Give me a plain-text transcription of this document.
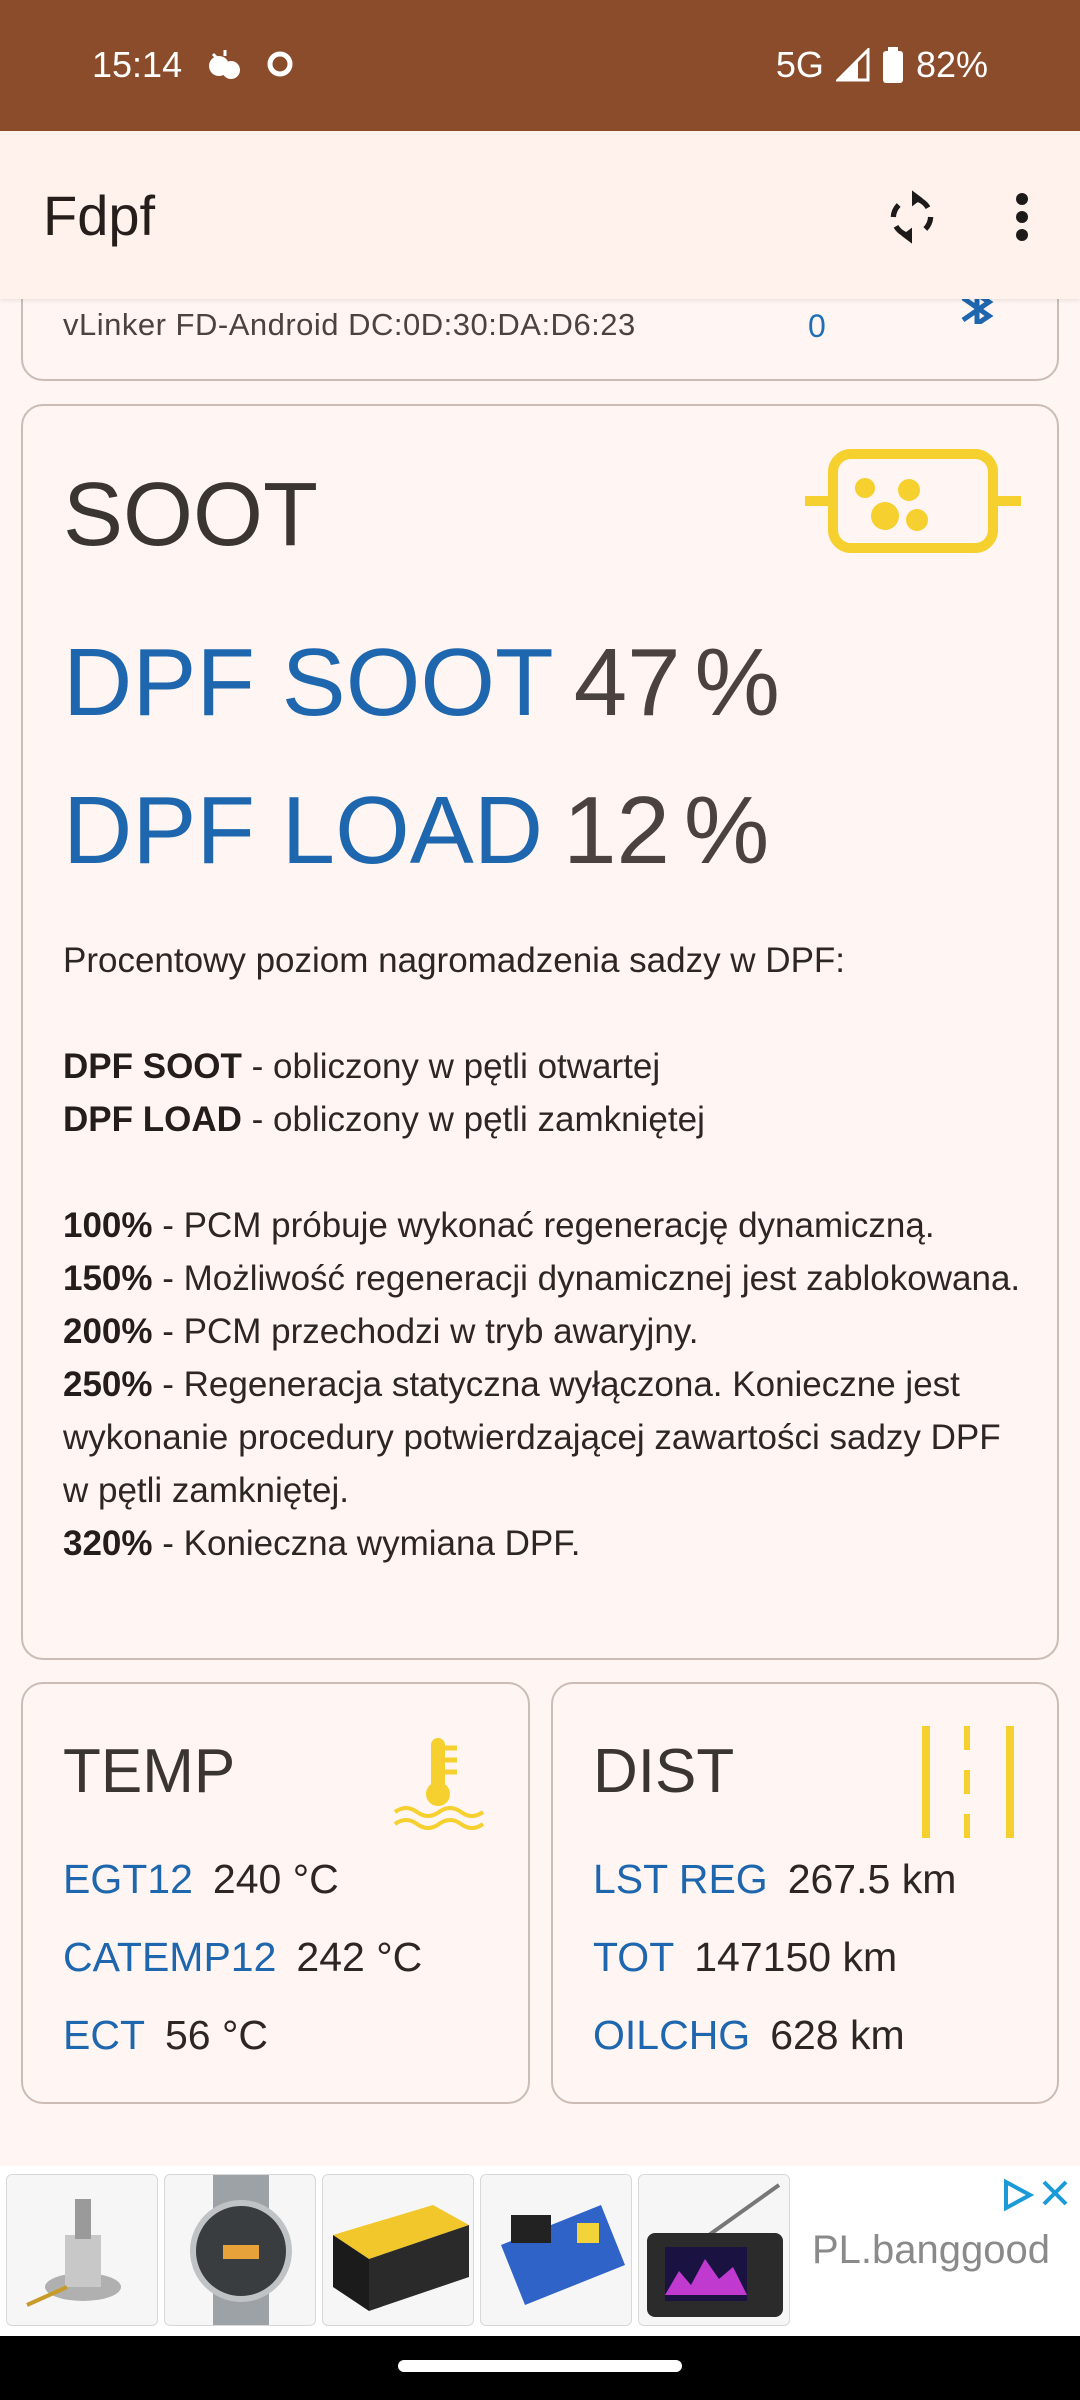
15:14	5G	82%
Fdpf
vLinker FD-Android DC:0D:30:DA:D6:23	0
SOOT
DPF SOOT 47 %
DPF LOAD 12 %

Procentowy poziom nagromadzenia sadzy w DPF:

DPF SOOT - obliczony w pętli otwartej

DPF LOAD - obliczony w pętli zamkniętej

100% - PCM próbuje wykonać regenerację dynamiczną.

150% - Możliwość regeneracji dynamicznej jest zablokowana.

200% - PCM przechodzi w tryb awaryjny.

250% - Regeneracja statyczna wyłączona. Konieczne jest wykonanie procedury potwierdzającej zawartości sadzy DPF w pętli zamkniętej.

320% - Konieczna wymiana DPF.

TEMP
EGT12 240 °C
CATEMP12 242 °C
ECT 56 °C
DIST
LST REG 267.5 km
TOT 147150 km
OILCHG 628 km
PL.banggood
